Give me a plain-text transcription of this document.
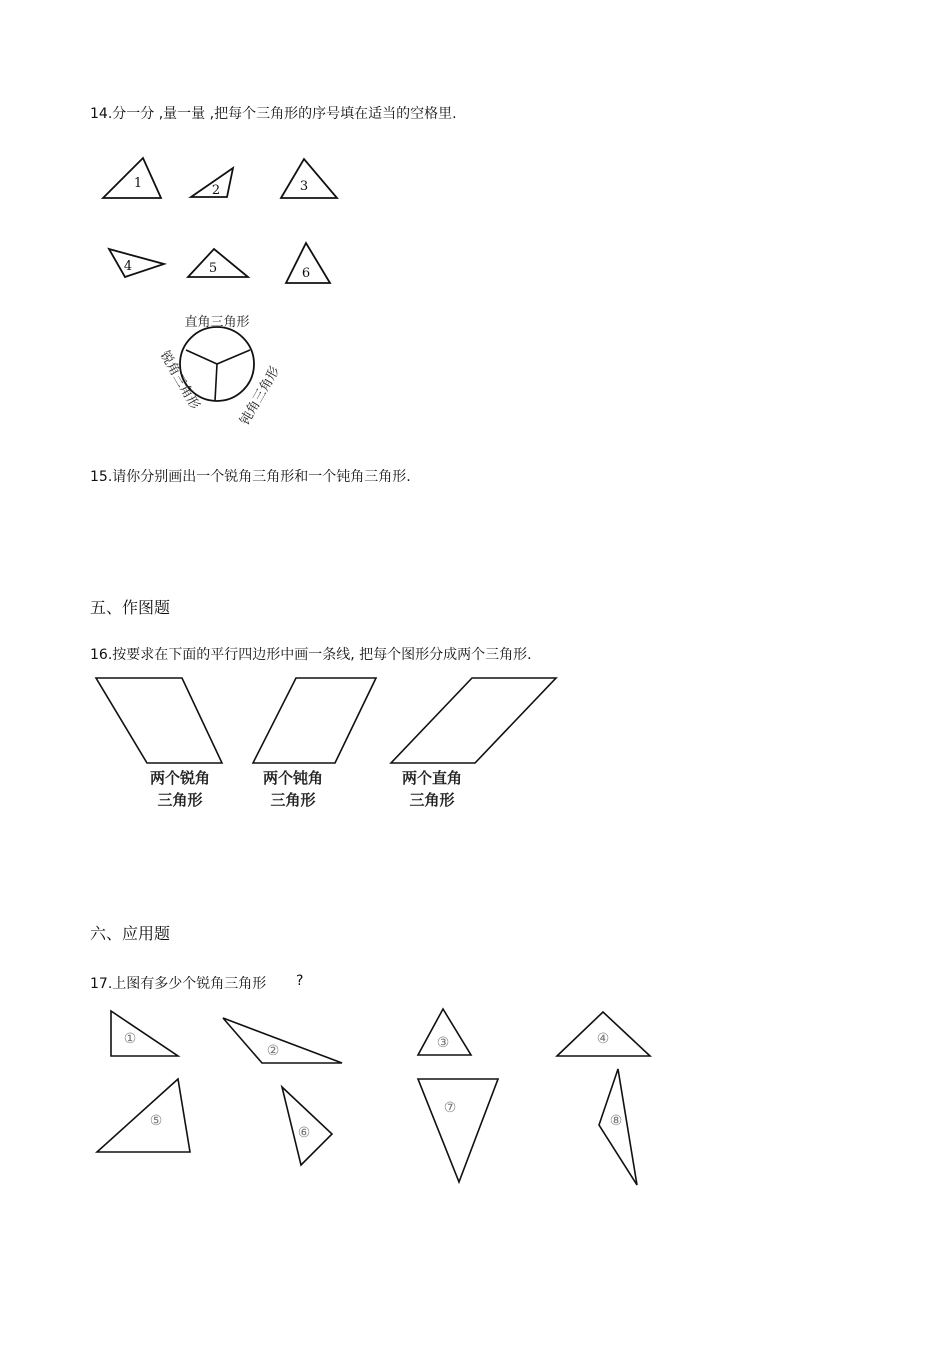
14.分一分 ,量一量 ,把每个三角形的序号填在适当的空格里.
1	2	3
4	5	6
直角三角形
锐角三角形	钝角三角形
15.请你分别画出一个锐角三角形和一个钝角三角形.
五、作图题
16.按要求在下面的平行四边形中画一条线, 把每个图形分成两个三角形.
两个锐角
三角形
两个钝角
三角形
两个直角
三角形
六、应用题
17.上图有多少个锐角三角形 ?
①
②	③	④
⑤
⑥
⑦
⑧
